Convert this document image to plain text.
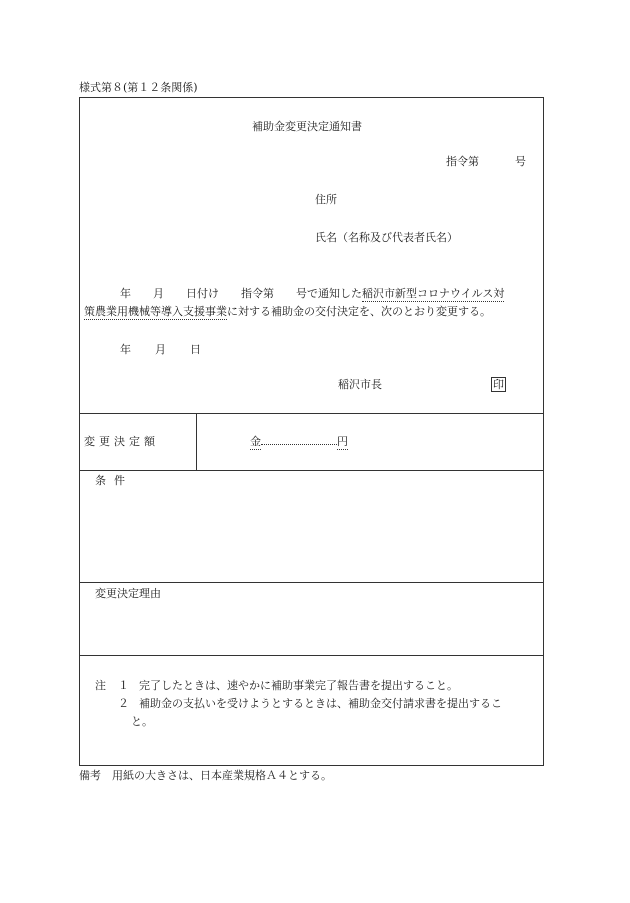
様式第８(第１２条関係)
補助金変更決定通知書
指令第	号
住所
氏名（名称及び代表者氏名）
年　　月　　日付け　　指令第　　号で通知した稲沢市新型コロナウイルス対
策農業用機械等導入支援事業に対する補助金の交付決定を、次のとおり変更する。
年 月 日
稲沢市長	印
変更決定額	金	円
条件
変更決定理由
注 １ 完了したときは、速やかに補助事業完了報告書を提出すること。
２ 補助金の支払いを受けようとするときは、補助金交付請求書を提出するこ
と。
備考　用紙の大きさは、日本産業規格Ａ４とする。
